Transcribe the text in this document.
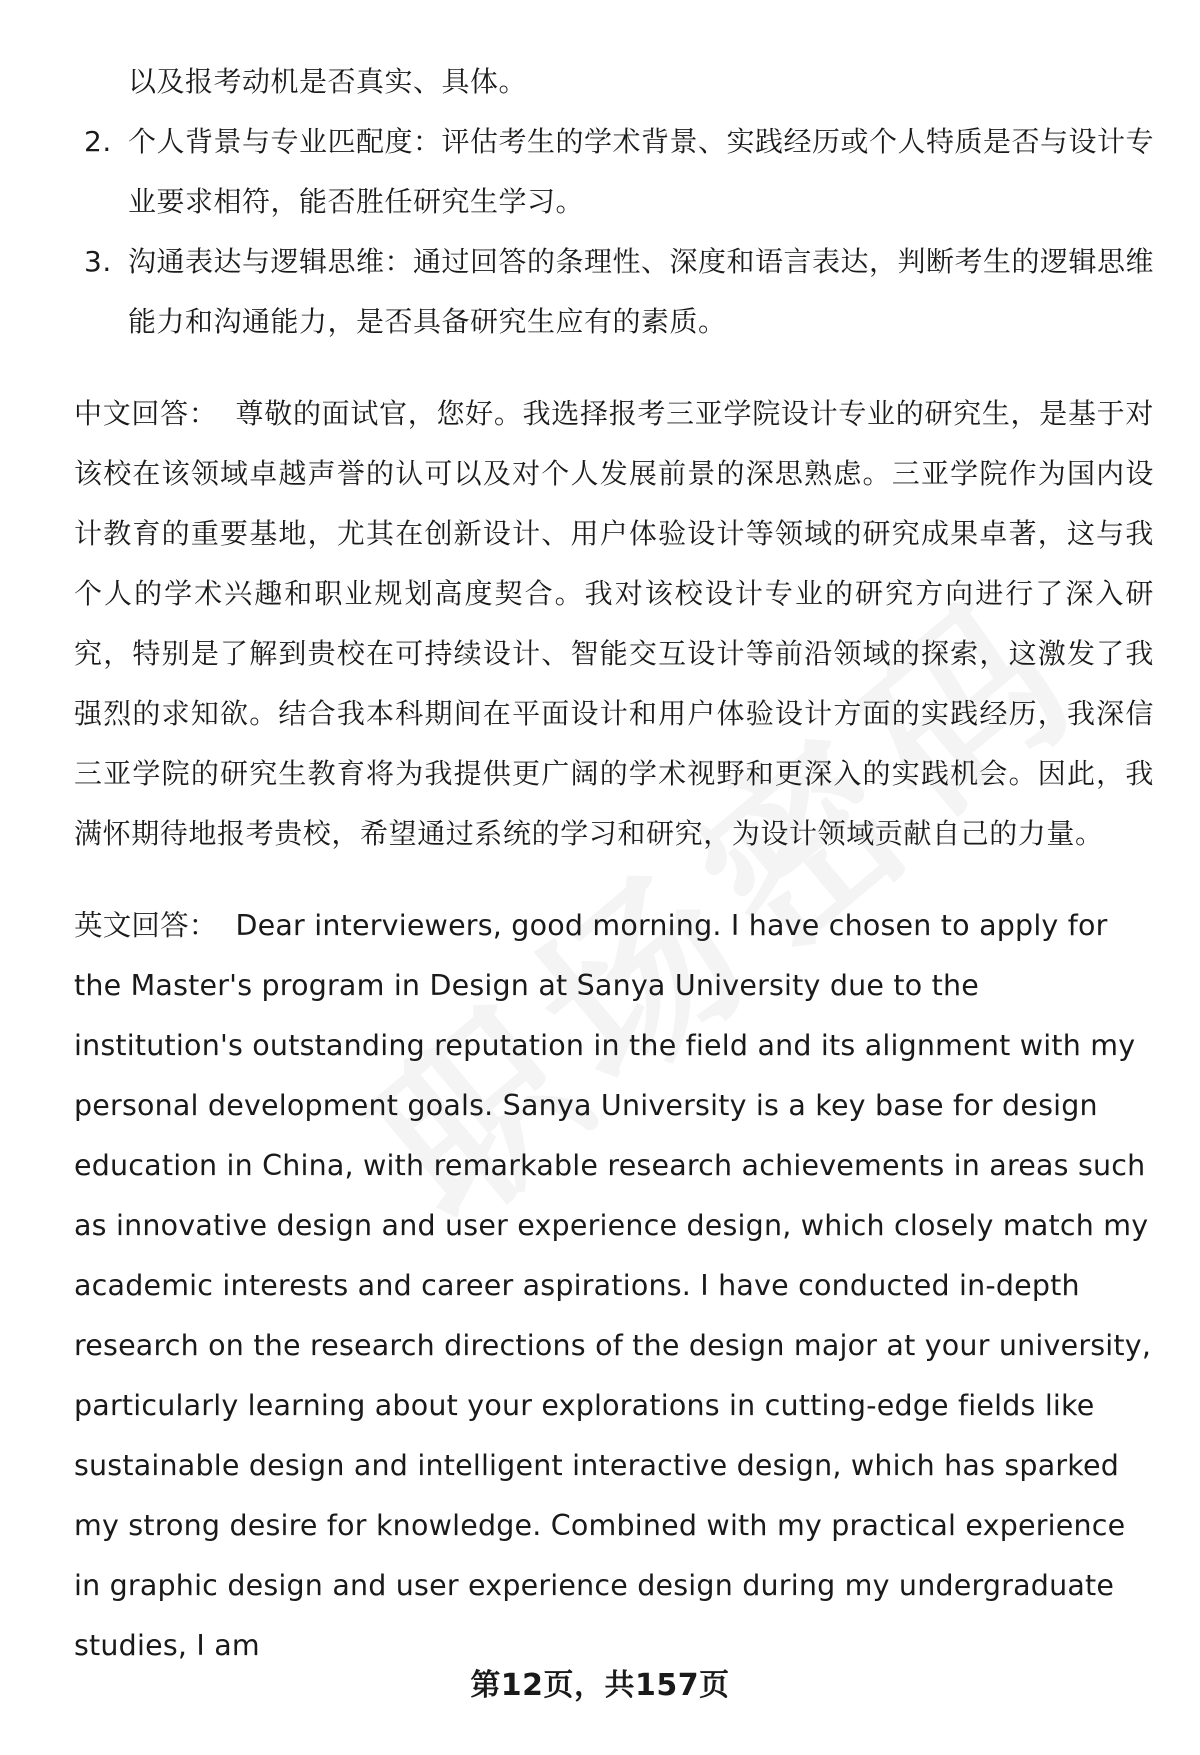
以及报考动机是否真实、具体。

2. 个人背景与专业匹配度：评估考生的学术背景、实践经历或个人特质是否与设计专业要求相符，能否胜任研究生学习。
3. 沟通表达与逻辑思维：通过回答的条理性、深度和语言表达，判断考生的逻辑思维能力和沟通能力，是否具备研究生应有的素质。
中文回答： 尊敬的面试官，您好。我选择报考三亚学院设计专业的研究生，是基于对该校在该领域卓越声誉的认可以及对个人发展前景的深思熟虑。三亚学院作为国内设计教育的重要基地，尤其在创新设计、用户体验设计等领域的研究成果卓著，这与我个人的学术兴趣和职业规划高度契合。我对该校设计专业的研究方向进行了深入研究，特别是了解到贵校在可持续设计、智能交互设计等前沿领域的探索，这激发了我强烈的求知欲。结合我本科期间在平面设计和用户体验设计方面的实践经历，我深信三亚学院的研究生教育将为我提供更广阔的学术视野和更深入的实践机会。因此，我满怀期待地报考贵校，希望通过系统的学习和研究，为设计领域贡献自己的力量。
英文回答： Dear interviewers, good morning. I have chosen to apply for the Master's program in Design at Sanya University due to the institution's outstanding reputation in the field and its alignment with my personal development goals. Sanya University is a key base for design education in China, with remarkable research achievements in areas such as innovative design and user experience design, which closely match my academic interests and career aspirations. I have conducted in-depth research on the research directions of the design major at your university, particularly learning about your explorations in cutting-edge fields like sustainable design and intelligent interactive design, which has sparked my strong desire for knowledge. Combined with my practical experience in graphic design and user experience design during my undergraduate studies, I am
第12页，共157页
